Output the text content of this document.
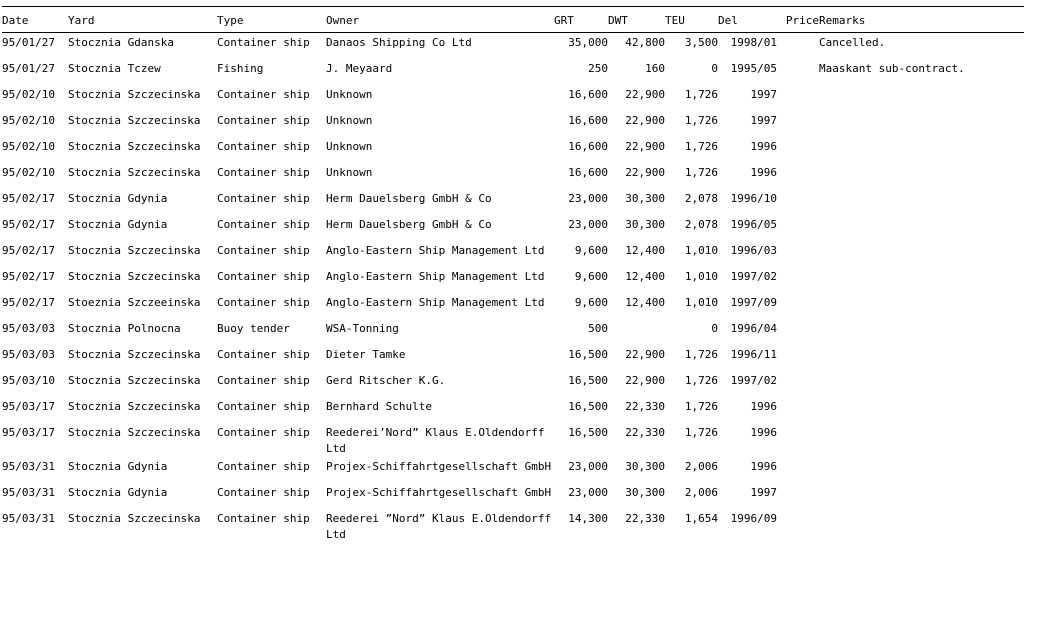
Date	Yard	Type	Owner	GRT	DWT	TEU	Del	Price	Remarks
95/01/27	Stocznia Gdanska	Container ship	Danaos Shipping Co Ltd	35,000	42,800	3,500	1998/01		Cancelled.
95/01/27	Stocznia Tczew	Fishing	J. Meyaard	250	160	0	1995/05		Maaskant sub-contract.
95/02/10	Stocznia Szczecinska	Container ship	Unknown	16,600	22,900	1,726	1997		
95/02/10	Stocznia Szczecinska	Container ship	Unknown	16,600	22,900	1,726	1997		
95/02/10	Stocznia Szczecinska	Container ship	Unknown	16,600	22,900	1,726	1996		
95/02/10	Stocznia Szczecinska	Container ship	Unknown	16,600	22,900	1,726	1996		
95/02/17	Stocznia Gdynia	Container ship	Herm Dauelsberg GmbH & Co	23,000	30,300	2,078	1996/10		
95/02/17	Stocznia Gdynia	Container ship	Herm Dauelsberg GmbH & Co	23,000	30,300	2,078	1996/05		
95/02/17	Stocznia Szczecinska	Container ship	Anglo-Eastern Ship Management Ltd	9,600	12,400	1,010	1996/03		
95/02/17	Stocznia Szczecinska	Container ship	Anglo-Eastern Ship Management Ltd	9,600	12,400	1,010	1997/02		
95/02/17	Stoeznia Szczeeinska	Container ship	Anglo-Eastern Ship Management Ltd	9,600	12,400	1,010	1997/09		
95/03/03	Stocznia Polnocna	Buoy tender	WSA-Tonning	500		0	1996/04		
95/03/03	Stocznia Szczecinska	Container ship	Dieter Tamke	16,500	22,900	1,726	1996/11		
95/03/10	Stocznia Szczecinska	Container ship	Gerd Ritscher K.G.	16,500	22,900	1,726	1997/02		
95/03/17	Stocznia Szczecinska	Container ship	Bernhard Schulte	16,500	22,330	1,726	1996		
95/03/17	Stocznia Szczecinska	Container ship	Reederei’Nord” Klaus E.Oldendorff Ltd	16,500	22,330	1,726	1996		
95/03/31	Stocznia Gdynia	Container ship	Projex-Schiffahrtgesellschaft GmbH	23,000	30,300	2,006	1996		
95/03/31	Stocznia Gdynia	Container ship	Projex-Schiffahrtgesellschaft GmbH	23,000	30,300	2,006	1997		
95/03/31	Stocznia Szczecinska	Container ship	Reederei ”Nord” Klaus E.Oldendorff Ltd	14,300	22,330	1,654	1996/09		
